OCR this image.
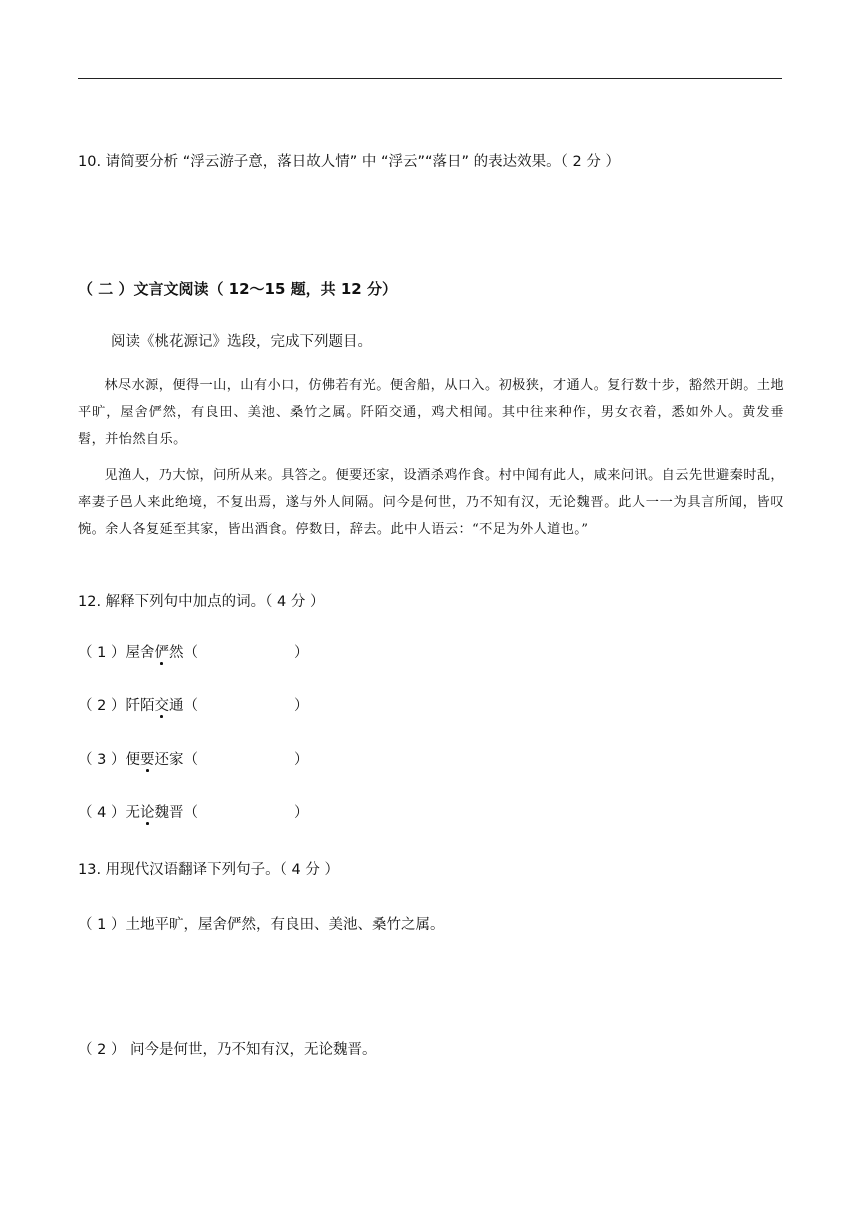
10. 请简要分析 “浮云游子意，落日故人情” 中 “浮云”“落日” 的表达效果。（ 2 分 ）
（ 二 ）文言文阅读（ 12～15 题，共 12 分）
阅读《桃花源记》选段，完成下列题目。
林尽水源，便得一山，山有小口，仿佛若有光。便舍船，从口入。初极狭，才通人。复行数十步，豁然开朗。土地平旷，屋舍俨然，有良田、美池、桑竹之属。阡陌交通，鸡犬相闻。其中往来种作，男女衣着，悉如外人。黄发垂髫，并怡然自乐。
见渔人，乃大惊，问所从来。具答之。便要还家，设酒杀鸡作食。村中闻有此人，咸来问讯。自云先世避秦时乱，率妻子邑人来此绝境，不复出焉，遂与外人间隔。问今是何世，乃不知有汉，无论魏晋。此人一一为具言所闻，皆叹惋。余人各复延至其家，皆出酒食。停数日，辞去。此中人语云：“不足为外人道也。”
12. 解释下列句中加点的词。（ 4 分 ）
（ 1 ）屋舍俨然（	）
（ 2 ）阡陌交通（	）
（ 3 ）便要还家（	）
（ 4 ）无论魏晋（	）
13. 用现代汉语翻译下列句子。（ 4 分 ）
（ 1 ）土地平旷，屋舍俨然，有良田、美池、桑竹之属。
（ 2 ） 问今是何世，乃不知有汉，无论魏晋。
